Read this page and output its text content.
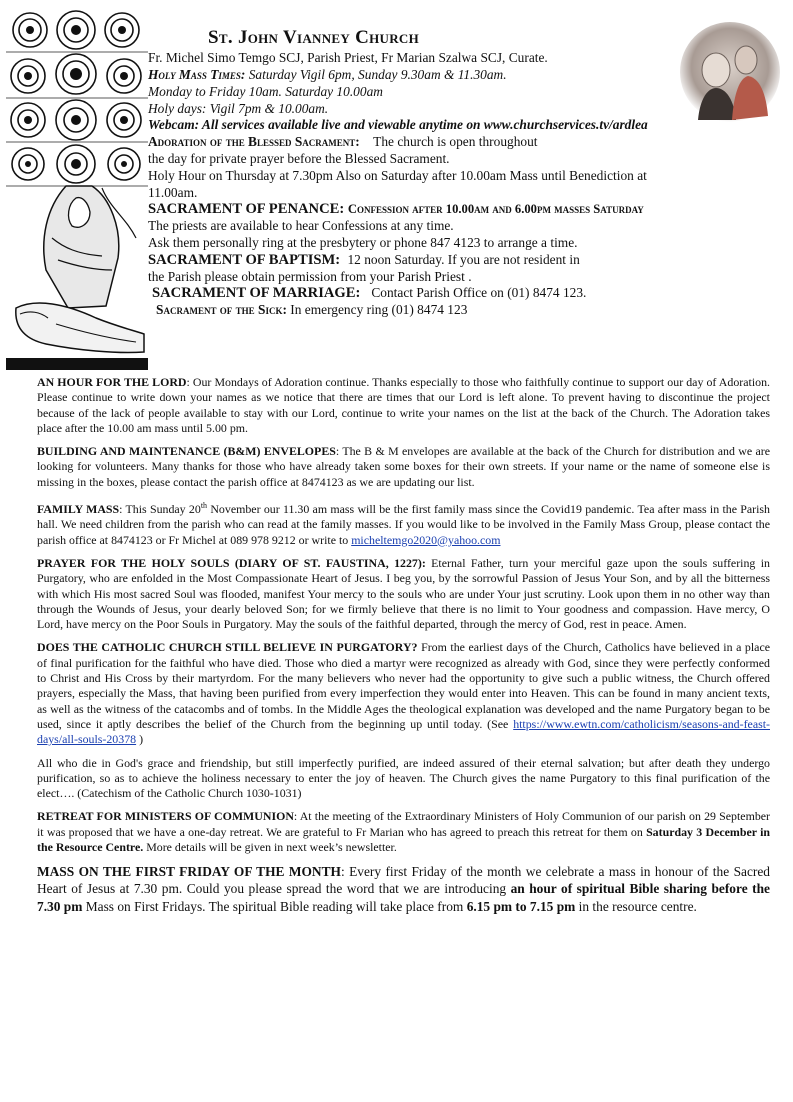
St. John Vianney Church
Fr. Michel Simo Temgo SCJ, Parish Priest, Fr Marian Szalwa SCJ, Curate.
Holy Mass Times: Saturday Vigil 6pm, Sunday 9.30am & 11.30am.
Monday to Friday 10am. Saturday 10.00am
Holy days: Vigil 7pm & 10.00am.
Webcam: All services available live and viewable anytime on www.churchservices.tv/ardlea
Adoration of the Blessed Sacrament: The church is open throughout
the day for private prayer before the Blessed Sacrament.
Holy Hour on Thursday at 7.30pm Also on Saturday after 10.00am Mass until Benediction at
11.00am.
SACRAMENT OF PENANCE: Confession after 10.00am and 6.00pm masses Saturday
The priests are available to hear Confessions at any time.
Ask them personally ring at the presbytery or phone 847 4123 to arrange a time.
SACRAMENT OF BAPTISM: 12 noon Saturday. If you are not resident in
the Parish please obtain permission from your Parish Priest .
SACRAMENT OF MARRIAGE: Contact Parish Office on (01) 8474 123.
Sacrament of the Sick: In emergency ring (01) 8474 123

AN HOUR FOR THE LORD: Our Mondays of Adoration continue. Thanks especially to those who faithfully continue to support our day of Adoration. Please continue to write down your names as we notice that there are times that our Lord is left alone. To prevent having to discontinue the project because of the lack of people available to stay with our Lord, continue to write your names on the list at the back of the Church. The Adoration takes place after the 10.00 am mass until 5.00 pm.

BUILDING AND MAINTENANCE (B&M) ENVELOPES: The B & M envelopes are available at the back of the Church for distribution and we are looking for volunteers. Many thanks for those who have already taken some boxes for their own streets. If your name or the name of someone else is missing in the boxes, please contact the parish office at 8474123 as we are updating our list.

FAMILY MASS: This Sunday 20th November our 11.30 am mass will be the first family mass since the Covid19 pandemic. Tea after mass in the Parish hall. We need children from the parish who can read at the family masses. If you would like to be involved in the Family Mass Group, please contact the parish office at 8474123 or Fr Michel at 089 978 9212 or write to micheltemgo2020@yahoo.com

PRAYER FOR THE HOLY SOULS (DIARY OF ST. FAUSTINA, 1227): Eternal Father, turn your merciful gaze upon the souls suffering in Purgatory, who are enfolded in the Most Compassionate Heart of Jesus. I beg you, by the sorrowful Passion of Jesus Your Son, and by all the bitterness with which His most sacred Soul was flooded, manifest Your mercy to the souls who are under Your just scrutiny. Look upon them in no other way than through the Wounds of Jesus, your dearly beloved Son; for we firmly believe that there is no limit to Your goodness and compassion. Have mercy, O Lord, have mercy on the Poor Souls in Purgatory. May the souls of the faithful departed, through the mercy of God, rest in peace. Amen.

DOES THE CATHOLIC CHURCH STILL BELIEVE IN PURGATORY? From the earliest days of the Church, Catholics have believed in a place of final purification for the faithful who have died. Those who died a martyr were recognized as already with God, since they were perfectly conformed to Christ and His Cross by their martyrdom. For the many believers who never had the opportunity to give such a public witness, the Church offered prayers, especially the Mass, that having been purified from every imperfection they would enter into Heaven. This can be found in many ancient texts, as well as the witness of the catacombs and of tombs. In the Middle Ages the theological explanation was developed and the name Purgatory began to be used, since it aptly describes the belief of the Church from the beginning up until today. (See https://www.ewtn.com/catholicism/seasons-and-feast-days/all-souls-20378 )

All who die in God's grace and friendship, but still imperfectly purified, are indeed assured of their eternal salvation; but after death they undergo purification, so as to achieve the holiness necessary to enter the joy of heaven. The Church gives the name Purgatory to this final purification of the elect…. (Catechism of the Catholic Church 1030-1031)

RETREAT FOR MINISTERS OF COMMUNION: At the meeting of the Extraordinary Ministers of Holy Communion of our parish on 29 September it was proposed that we have a one-day retreat. We are grateful to Fr Marian who has agreed to preach this retreat for them on Saturday 3 December in the Resource Centre. More details will be given in next week’s newsletter.

MASS ON THE FIRST FRIDAY OF THE MONTH: Every first Friday of the month we celebrate a mass in honour of the Sacred Heart of Jesus at 7.30 pm. Could you please spread the word that we are introducing an hour of spiritual Bible sharing before the 7.30 pm Mass on First Fridays. The spiritual Bible reading will take place from 6.15 pm to 7.15 pm in the resource centre.
